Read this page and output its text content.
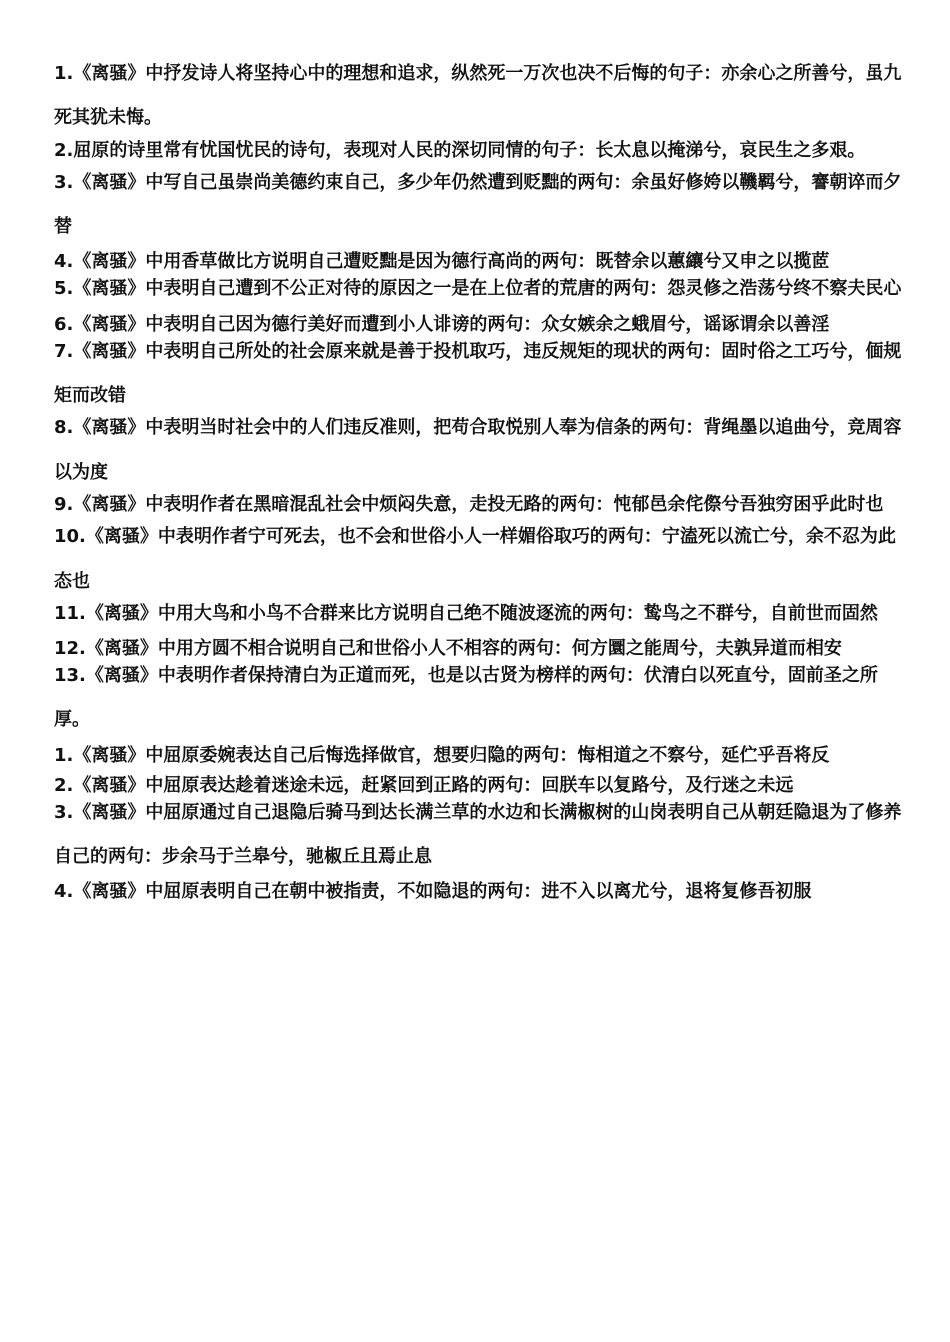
1.《离骚》中抒发诗人将坚持心中的理想和追求，纵然死一万次也决不后悔的句子：亦余心之所善兮，虽九死其犹未悔。

2.屈原的诗里常有忧国忧民的诗句，表现对人民的深切同情的句子：长太息以掩涕兮，哀民生之多艰。

3.《离骚》中写自己虽崇尚美德约束自己，多少年仍然遭到贬黜的两句：余虽好修姱以鞿羁兮，謇朝谇而夕替

4.《离骚》中用香草做比方说明自己遭贬黜是因为德行高尚的两句：既替余以蕙纕兮又申之以揽茝

5.《离骚》中表明自己遭到不公正对待的原因之一是在上位者的荒唐的两句：怨灵修之浩荡兮终不察夫民心

6.《离骚》中表明自己因为德行美好而遭到小人诽谤的两句：众女嫉余之蛾眉兮，谣诼谓余以善淫

7.《离骚》中表明自己所处的社会原来就是善于投机取巧，违反规矩的现状的两句：固时俗之工巧兮，偭规矩而改错

8.《离骚》中表明当时社会中的人们违反准则，把苟合取悦别人奉为信条的两句：背绳墨以追曲兮，竞周容以为度

9.《离骚》中表明作者在黑暗混乱社会中烦闷失意，走投无路的两句：忳郁邑余侘傺兮吾独穷困乎此时也

10.《离骚》中表明作者宁可死去，也不会和世俗小人一样媚俗取巧的两句：宁溘死以流亡兮，余不忍为此态也

11.《离骚》中用大鸟和小鸟不合群来比方说明自己绝不随波逐流的两句：鸷鸟之不群兮，自前世而固然

12.《离骚》中用方圆不相合说明自己和世俗小人不相容的两句：何方圜之能周兮，夫孰异道而相安

13.《离骚》中表明作者保持清白为正道而死，也是以古贤为榜样的两句：伏清白以死直兮，固前圣之所厚。

1.《离骚》中屈原委婉表达自己后悔选择做官，想要归隐的两句：悔相道之不察兮，延伫乎吾将反

2.《离骚》中屈原表达趁着迷途未远，赶紧回到正路的两句：回朕车以复路兮，及行迷之未远

3.《离骚》中屈原通过自己退隐后骑马到达长满兰草的水边和长满椒树的山岗表明自己从朝廷隐退为了修养自己的两句：步余马于兰皋兮，驰椒丘且焉止息

4.《离骚》中屈原表明自己在朝中被指责，不如隐退的两句：进不入以离尤兮，退将复修吾初服
